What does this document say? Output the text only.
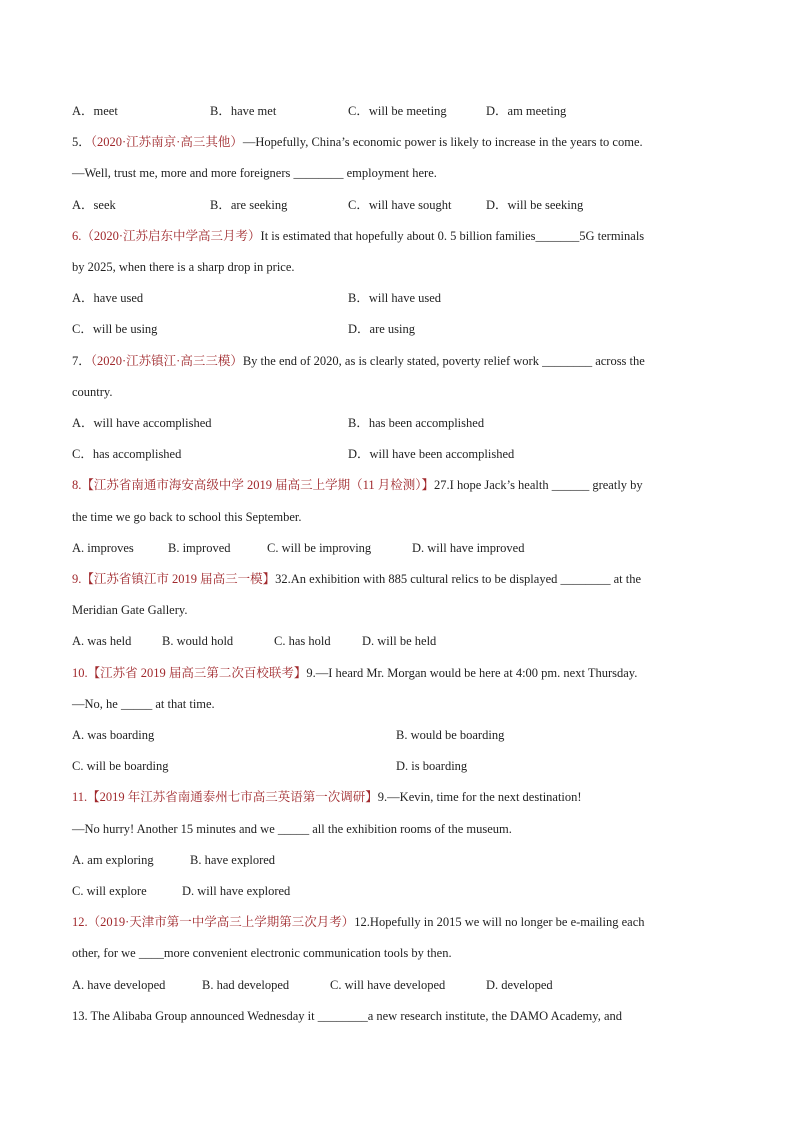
A．meet	B．have met	C．will be meeting	D．am meeting
5．（2020·江苏南京·高三其他）—Hopefully, China’s economic power is likely to increase in the years to come.
—Well, trust me, more and more foreigners ________ employment here.
A．seek	B．are seeking	C．will have sought	D．will be seeking
6.（2020·江苏启东中学高三月考）It is estimated that hopefully about 0. 5 billion families_______5G terminals
by 2025, when there is a sharp drop in price.
A．have used	B．will have used
C．will be using	D．are using
7．（2020·江苏镇江·高三三模）By the end of 2020, as is clearly stated, poverty relief work ________ across the
country.
A．will have accomplished	B．has been accomplished
C．has accomplished	D．will have been accomplished
8.【江苏省南通市海安高级中学 2019 届高三上学期（11 月检测）】27.I hope Jack’s health ______ greatly by
the time we go back to school this September.
A. improves	B. improved	C. will be improving	D. will have improved
9.【江苏省镇江市 2019 届高三一模】32.An exhibition with 885 cultural relics to be displayed ________ at the
Meridian Gate Gallery.
A. was held B. would hold	C. has hold	D. will be held
10.【江苏省 2019 届高三第二次百校联考】9.—I heard Mr. Morgan would be here at 4:00 pm. next Thursday.
—No, he _____ at that time.
A. was boarding	B. would be boarding
C. will be boarding	D. is boarding
11.【2019 年江苏省南通泰州七市高三英语第一次调研】9.—Kevin, time for the next destination!
—No hurry! Another 15 minutes and we _____ all the exhibition rooms of the museum.
A. am exploring	B. have explored
C. will explore	D. will have explored
12.（2019·天津市第一中学高三上学期第三次月考）12.Hopefully in 2015 we will no longer be e-mailing each
other, for we ____more convenient electronic communication tools by then.
A. have developed	B. had developed	C. will have developed	D. developed
13. The Alibaba Group announced Wednesday it ________a new research institute, the DAMO Academy, and
